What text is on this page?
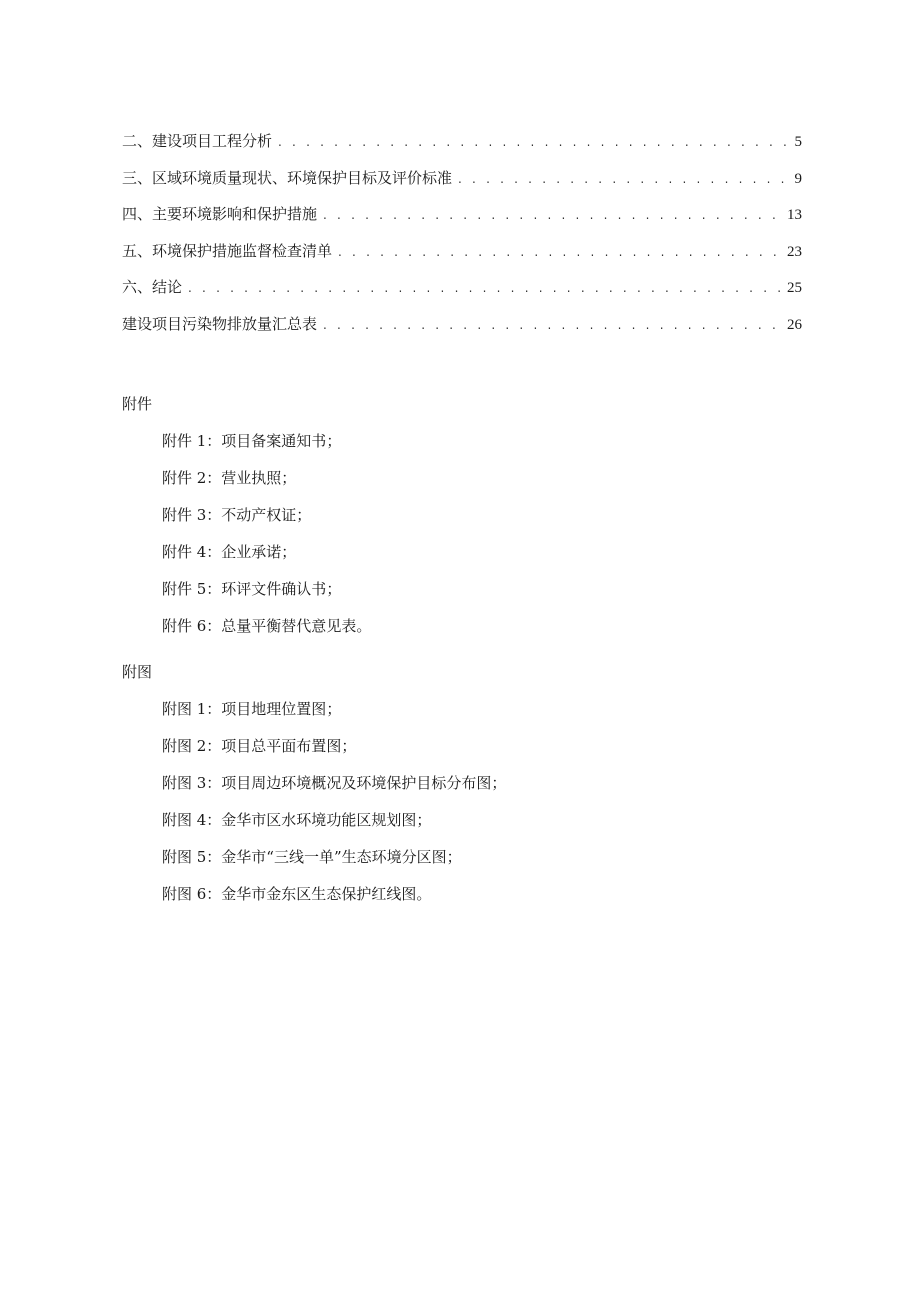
二、建设项目工程分析 . . .	5
三、区域环境质量现状、环境保护目标及评价标准 . . .	9
四、主要环境影响和保护措施 . . .	13
五、环境保护措施监督检查清单 . . .	23
六、结论 . . .	25
建设项目污染物排放量汇总表 . . .	26
附件
附件 1：项目备案通知书；
附件 2：营业执照；
附件 3：不动产权证；
附件 4：企业承诺；
附件 5：环评文件确认书；
附件 6：总量平衡替代意见表。
附图
附图 1：项目地理位置图；
附图 2：项目总平面布置图；
附图 3：项目周边环境概况及环境保护目标分布图；
附图 4：金华市区水环境功能区规划图；
附图 5：金华市“三线一单”生态环境分区图；
附图 6：金华市金东区生态保护红线图。
